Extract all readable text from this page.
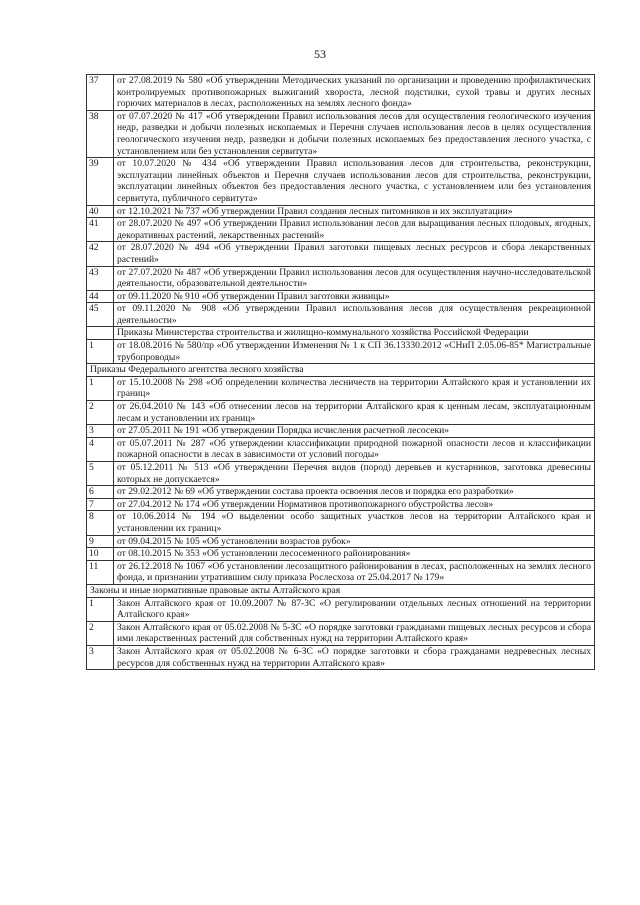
53
37	от 27.08.2019 № 580 «Об утверждении Методических указаний по организации и проведению профилактических контролируемых противопожарных выжиганий хвороста, лесной подстилки, сухой травы и других лесных горючих материалов в лесах, расположенных на землях лесного фонда»
38	от 07.07.2020 № 417 «Об утверждении Правил использования лесов для осуществления геологического изучения недр, разведки и добычи полезных ископаемых и Перечня случаев использования лесов в целях осуществления геологического изучения недр, разведки и добычи полезных ископаемых без предоставления лесного участка, с установлением или без установления сервитута»
39	от 10.07.2020 № 434 «Об утверждении Правил использования лесов для строительства, реконструкции, эксплуатации линейных объектов и Перечня случаев использования лесов для строительства, реконструкции, эксплуатации линейных объектов без предоставления лесного участка, с установлением или без установления сервитута, публичного сервитута»
40	от 12.10.2021 № 737 «Об утверждении Правил создания лесных питомников и их эксплуатации»
41	от 28.07.2020 № 497 «Об утверждении Правил использования лесов для выращивания лесных плодовых, ягодных, декоративных растений, лекарственных растений»
42	от 28.07.2020 № 494 «Об утверждении Правил заготовки пищевых лесных ресурсов и сбора лекарственных растений»
43	от 27.07.2020 № 487 «Об утверждении Правил использования лесов для осуществления научно-исследовательской деятельности, образовательной деятельности»
44	от 09.11.2020 № 910 «Об утверждении Правил заготовки живицы»
45	от 09.11.2020 № 908 «Об утверждении Правил использования лесов для осуществления рекреационной деятельности»
	Приказы Министерства строительства и жилищно-коммунального хозяйства Российской Федерации
1	от 18.08.2016 № 580/пр «Об утверждении Изменения № 1 к СП 36.13330.2012 «СНиП 2.05.06-85* Магистральные трубопроводы»
Приказы Федерального агентства лесного хозяйства	
1	от 15.10.2008 № 298 «Об определении количества лесничеств на территории Алтайского края и установлении их границ»
2	от 26.04.2010 № 143 «Об отнесении лесов на территории Алтайского края к ценным лесам, эксплуатационным лесам и установлении их границ»
3	от 27.05.2011 № 191 «Об утверждении Порядка исчисления расчетной лесосеки»
4	от 05.07.2011 № 287 «Об утверждении классификации природной пожарной опасности лесов и классификации пожарной опасности в лесах в зависимости от условий погоды»
5	от 05.12.2011 № 513 «Об утверждении Перечня видов (пород) деревьев и кустарников, заготовка древесины которых не допускается»
6	от 29.02.2012 № 69 «Об утверждении состава проекта освоения лесов и порядка его разработки»
7	от 27.04.2012 № 174 «Об утверждении Нормативов противопожарного обустройства лесов»
8	от 10.06.2014 № 194 «О выделении особо защитных участков лесов на территории Алтайского края и установлении их границ»
9	от 09.04.2015 № 105 «Об установлении возрастов рубок»
10	от 08.10.2015 № 353 «Об установлении лесосеменного районирования»
11	от 26.12.2018 № 1067 «Об установлении лесозащитного районирования в лесах, расположенных на землях лесного фонда, и признании утратившим силу приказа Рослесхоза от 25.04.2017 № 179»
Законы и иные нормативные правовые акты Алтайского края	
1	Закон Алтайского края от 10.09.2007 № 87-ЗС «О регулировании отдельных лесных отношений на территории Алтайского края»
2	Закон Алтайского края от 05.02.2008 № 5-ЗС «О порядке заготовки гражданами пищевых лесных ресурсов и сбора ими лекарственных растений для собственных нужд на территории Алтайского края»
3	Закон Алтайского края от 05.02.2008 № 6-ЗС «О порядке заготовки и сбора гражданами недревесных лесных ресурсов для собственных нужд на территории Алтайского края»
